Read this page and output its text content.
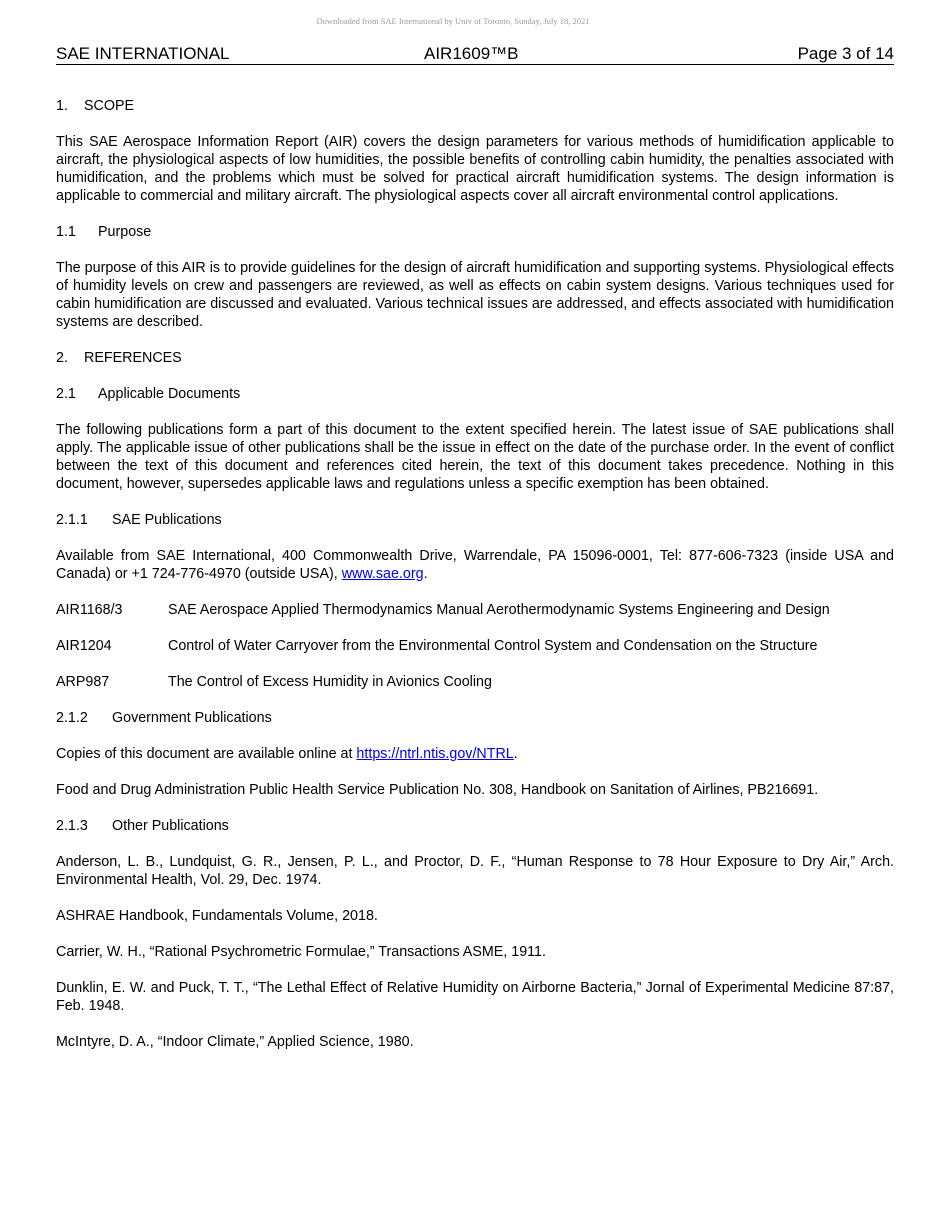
Downloaded from SAE International by Univ of Toronto, Sunday, July 18, 2021
SAE INTERNATIONAL	AIR1609™B	Page 3 of 14
1. SCOPE

This SAE Aerospace Information Report (AIR) covers the design parameters for various methods of humidification applicable to aircraft, the physiological aspects of low humidities, the possible benefits of controlling cabin humidity, the penalties associated with humidification, and the problems which must be solved for practical aircraft humidification systems. The design information is applicable to commercial and military aircraft. The physiological aspects cover all aircraft environmental control applications.

1.1 Purpose

The purpose of this AIR is to provide guidelines for the design of aircraft humidification and supporting systems. Physiological effects of humidity levels on crew and passengers are reviewed, as well as effects on cabin system designs. Various techniques used for cabin humidification are discussed and evaluated. Various technical issues are addressed, and effects associated with humidification systems are described.

2. REFERENCES
2.1 Applicable Documents

The following publications form a part of this document to the extent specified herein. The latest issue of SAE publications shall apply. The applicable issue of other publications shall be the issue in effect on the date of the purchase order. In the event of conflict between the text of this document and references cited herein, the text of this document takes precedence. Nothing in this document, however, supersedes applicable laws and regulations unless a specific exemption has been obtained.

2.1.1 SAE Publications

Available from SAE International, 400 Commonwealth Drive, Warrendale, PA 15096-0001, Tel: 877-606-7323 (inside USA and Canada) or +1 724-776-4970 (outside USA), www.sae.org.

AIR1168/3	SAE Aerospace Applied Thermodynamics Manual Aerothermodynamic Systems Engineering and Design
AIR1204	Control of Water Carryover from the Environmental Control System and Condensation on the Structure
ARP987	The Control of Excess Humidity in Avionics Cooling
2.1.2 Government Publications

Copies of this document are available online at https://ntrl.ntis.gov/NTRL.

Food and Drug Administration Public Health Service Publication No. 308, Handbook on Sanitation of Airlines, PB216691.

2.1.3 Other Publications

Anderson, L. B., Lundquist, G. R., Jensen, P. L., and Proctor, D. F., “Human Response to 78 Hour Exposure to Dry Air,” Arch. Environmental Health, Vol. 29, Dec. 1974.

ASHRAE Handbook, Fundamentals Volume, 2018.

Carrier, W. H., “Rational Psychrometric Formulae,” Transactions ASME, 1911.

Dunklin, E. W. and Puck, T. T., “The Lethal Effect of Relative Humidity on Airborne Bacteria,” Jornal of Experimental Medicine 87:87, Feb. 1948.

McIntyre, D. A., “Indoor Climate,” Applied Science, 1980.
